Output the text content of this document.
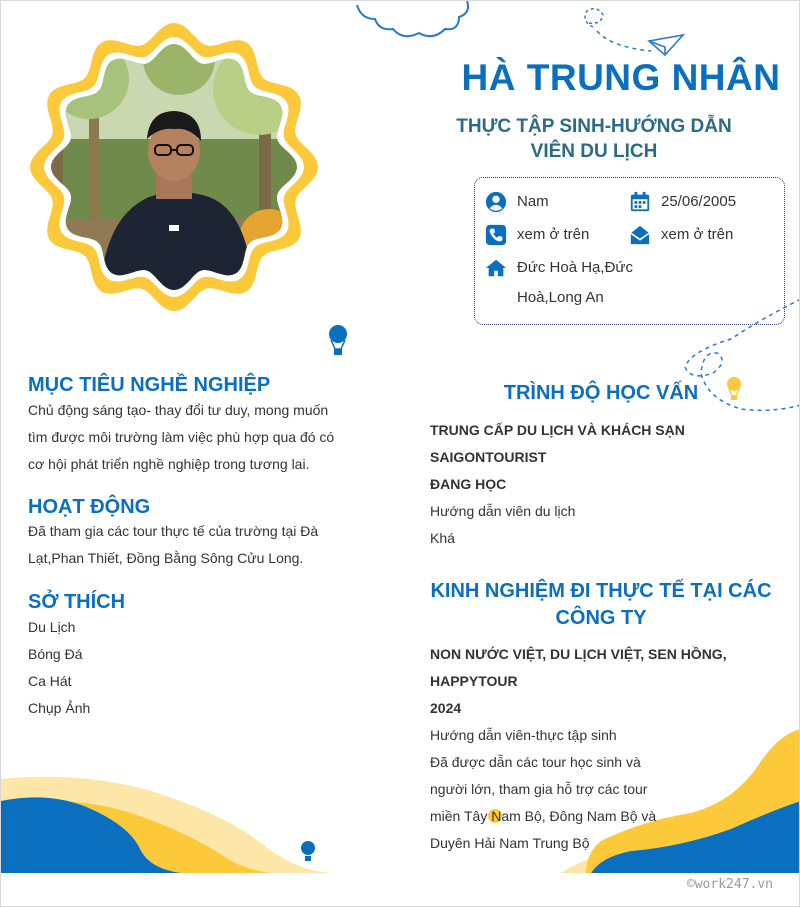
HÀ TRUNG NHÂN
THỰC TẬP SINH-HƯỚNG DẪN
VIÊN DU LỊCH
Nam	25/06/2005
xem ở trên	xem ở trên
Đức Hoà Hạ,Đức
Hoà,Long An
MỤC TIÊU NGHỀ NGHIỆP
Chủ động sáng tạo- thay đổi tư duy, mong muốn
tìm được môi trường làm việc phù hợp qua đó có
cơ hội phát triển nghề nghiệp trong tương lai.
HOẠT ĐỘNG
Đã tham gia các tour thực tế của trường tại Đà
Lạt,Phan Thiết, Đồng Bằng Sông Cửu Long.
SỞ THÍCH
Du Lịch
Bóng Đá
Ca Hát
Chụp Ảnh
TRÌNH ĐỘ HỌC VẤN
TRUNG CẤP DU LỊCH VÀ KHÁCH SẠN
SAIGONTOURIST
ĐANG HỌC
Hướng dẫn viên du lịch
Khá
KINH NGHIỆM ĐI THỰC TẾ TẠI CÁC
CÔNG TY
NON NƯỚC VIỆT, DU LỊCH VIỆT, SEN HỒNG,
HAPPYTOUR
2024
Hướng dẫn viên-thực tập sinh
Đã được dẫn các tour học sinh và
người lớn, tham gia hỗ trợ các tour
miền Tây Nam Bộ, Đông Nam Bộ và
Duyên Hải Nam Trung Bộ
©work247.vn
